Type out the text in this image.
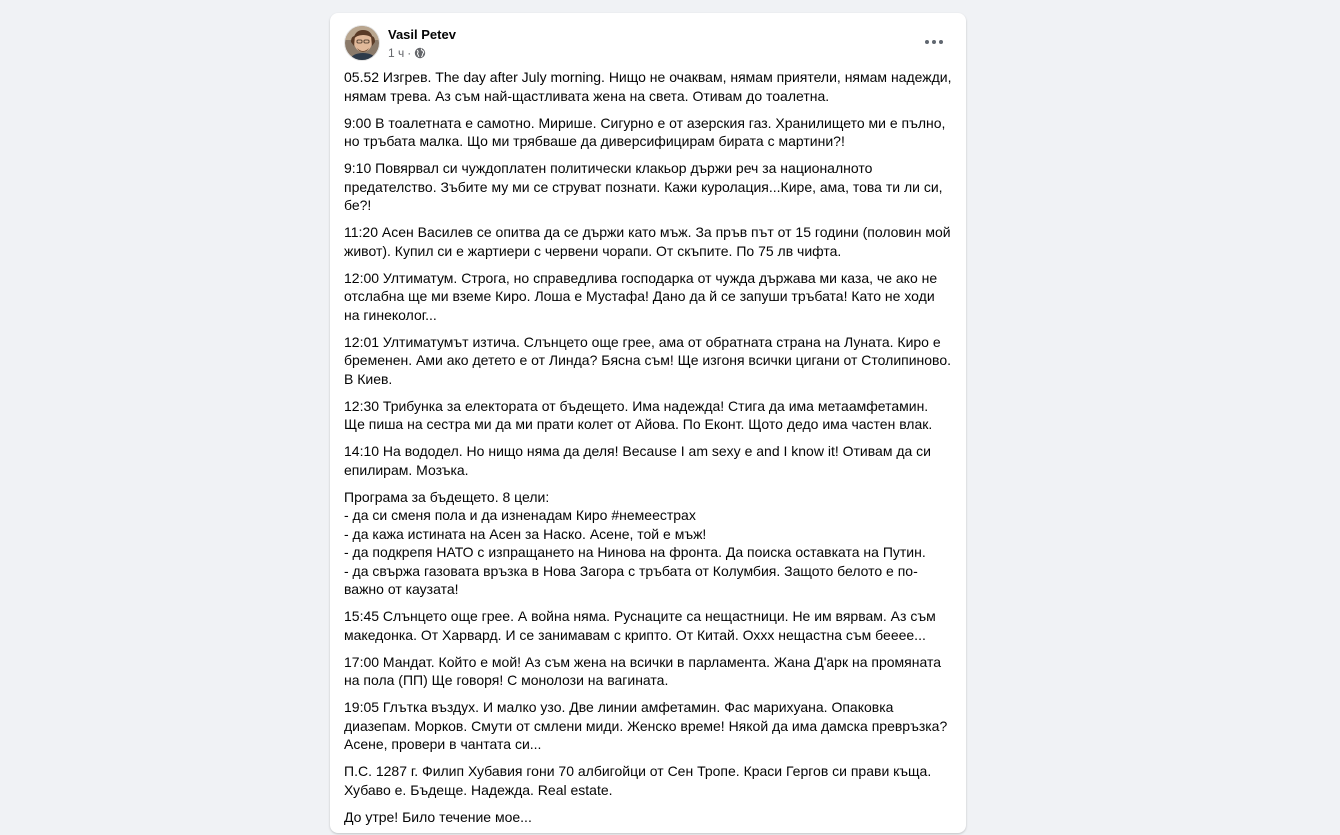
Vasil Petev
1 ч ·

05.52 Изгрев. The day after July morning. Нищо не очаквам, нямам приятели, нямам надежди, нямам трева. Аз съм най-щастливата жена на света. Отивам до тоалетна.

9:00 В тоалетната е самотно. Мирише. Сигурно е от азерския газ. Хранилището ми е пълно, но тръбата малка. Що ми трябваше да диверсифицирам бирата с мартини?!

9:10 Повярвал си чуждоплатен политически клакьор държи реч за националното предателство. Зъбите му ми се струват познати. Кажи куролация...Кире, ама, това ти ли си, бе?!

11:20 Асен Василев се опитва да се държи като мъж. За пръв път от 15 години (половин мой живот). Купил си е жартиери с червени чорапи. От скъпите. По 75 лв чифта.

12:00 Ултиматум. Строга, но справедлива господарка от чужда държава ми каза, че ако не отслабна ще ми вземе Киро. Лоша е Мустафа! Дано да й се запуши тръбата! Като не ходи на гинеколог...

12:01 Ултиматумът изтича. Слънцето още грее, ама от обратната страна на Луната. Киро е бременен. Ами ако детето е от Линда? Бясна съм! Ще изгоня всички цигани от Столипиново. В Киев.

12:30 Трибунка за електората от бъдещето. Има надежда! Стига да има метаамфетамин. Ще пиша на сестра ми да ми прати колет от Айова. По Еконт. Щото дедо има частен влак.

14:10 На вододел. Но нищо няма да деля! Because I am sexy e and I know it! Отивам да си епилирам. Мозъка.

Програма за бъдещето. 8 цели:
- да си сменя пола и да изненадам Киро #немеестрах
- да кажа истината на Асен за Наско. Асене, той е мъж!
- да подкрепя НАТО с изпращането на Нинова на фронта. Да поиска оставката на Путин.
- да свържа газовата връзка в Нова Загора с тръбата от Колумбия. Защото белото е по-важно от каузата!

15:45 Слънцето още грее. А война няма. Руснаците са нещастници. Не им вярвам. Аз съм македонка. От Харвард. И се занимавам с крипто. От Китай. Охxx нещастна съм беееe...

17:00 Мандат. Който е мой! Аз съм жена на всички в парламента. Жана Д'арк на промяната на пола (ПП) Ще говоря! С монолози на вагината.

19:05 Глътка въздух. И малко узо. Две линии амфетамин. Фас марихуана. Опаковка диазепам. Морков. Смути от смлени миди. Женско време! Някой да има дамска превръзка? Асене, провери в чантата си...

П.С. 1287 г. Филип Хубавия гони 70 албигойци от Сен Тропе. Краси Гергов си прави къща. Хубаво е. Бъдеще. Надежда. Real estate.

До утре! Било течение мое...
